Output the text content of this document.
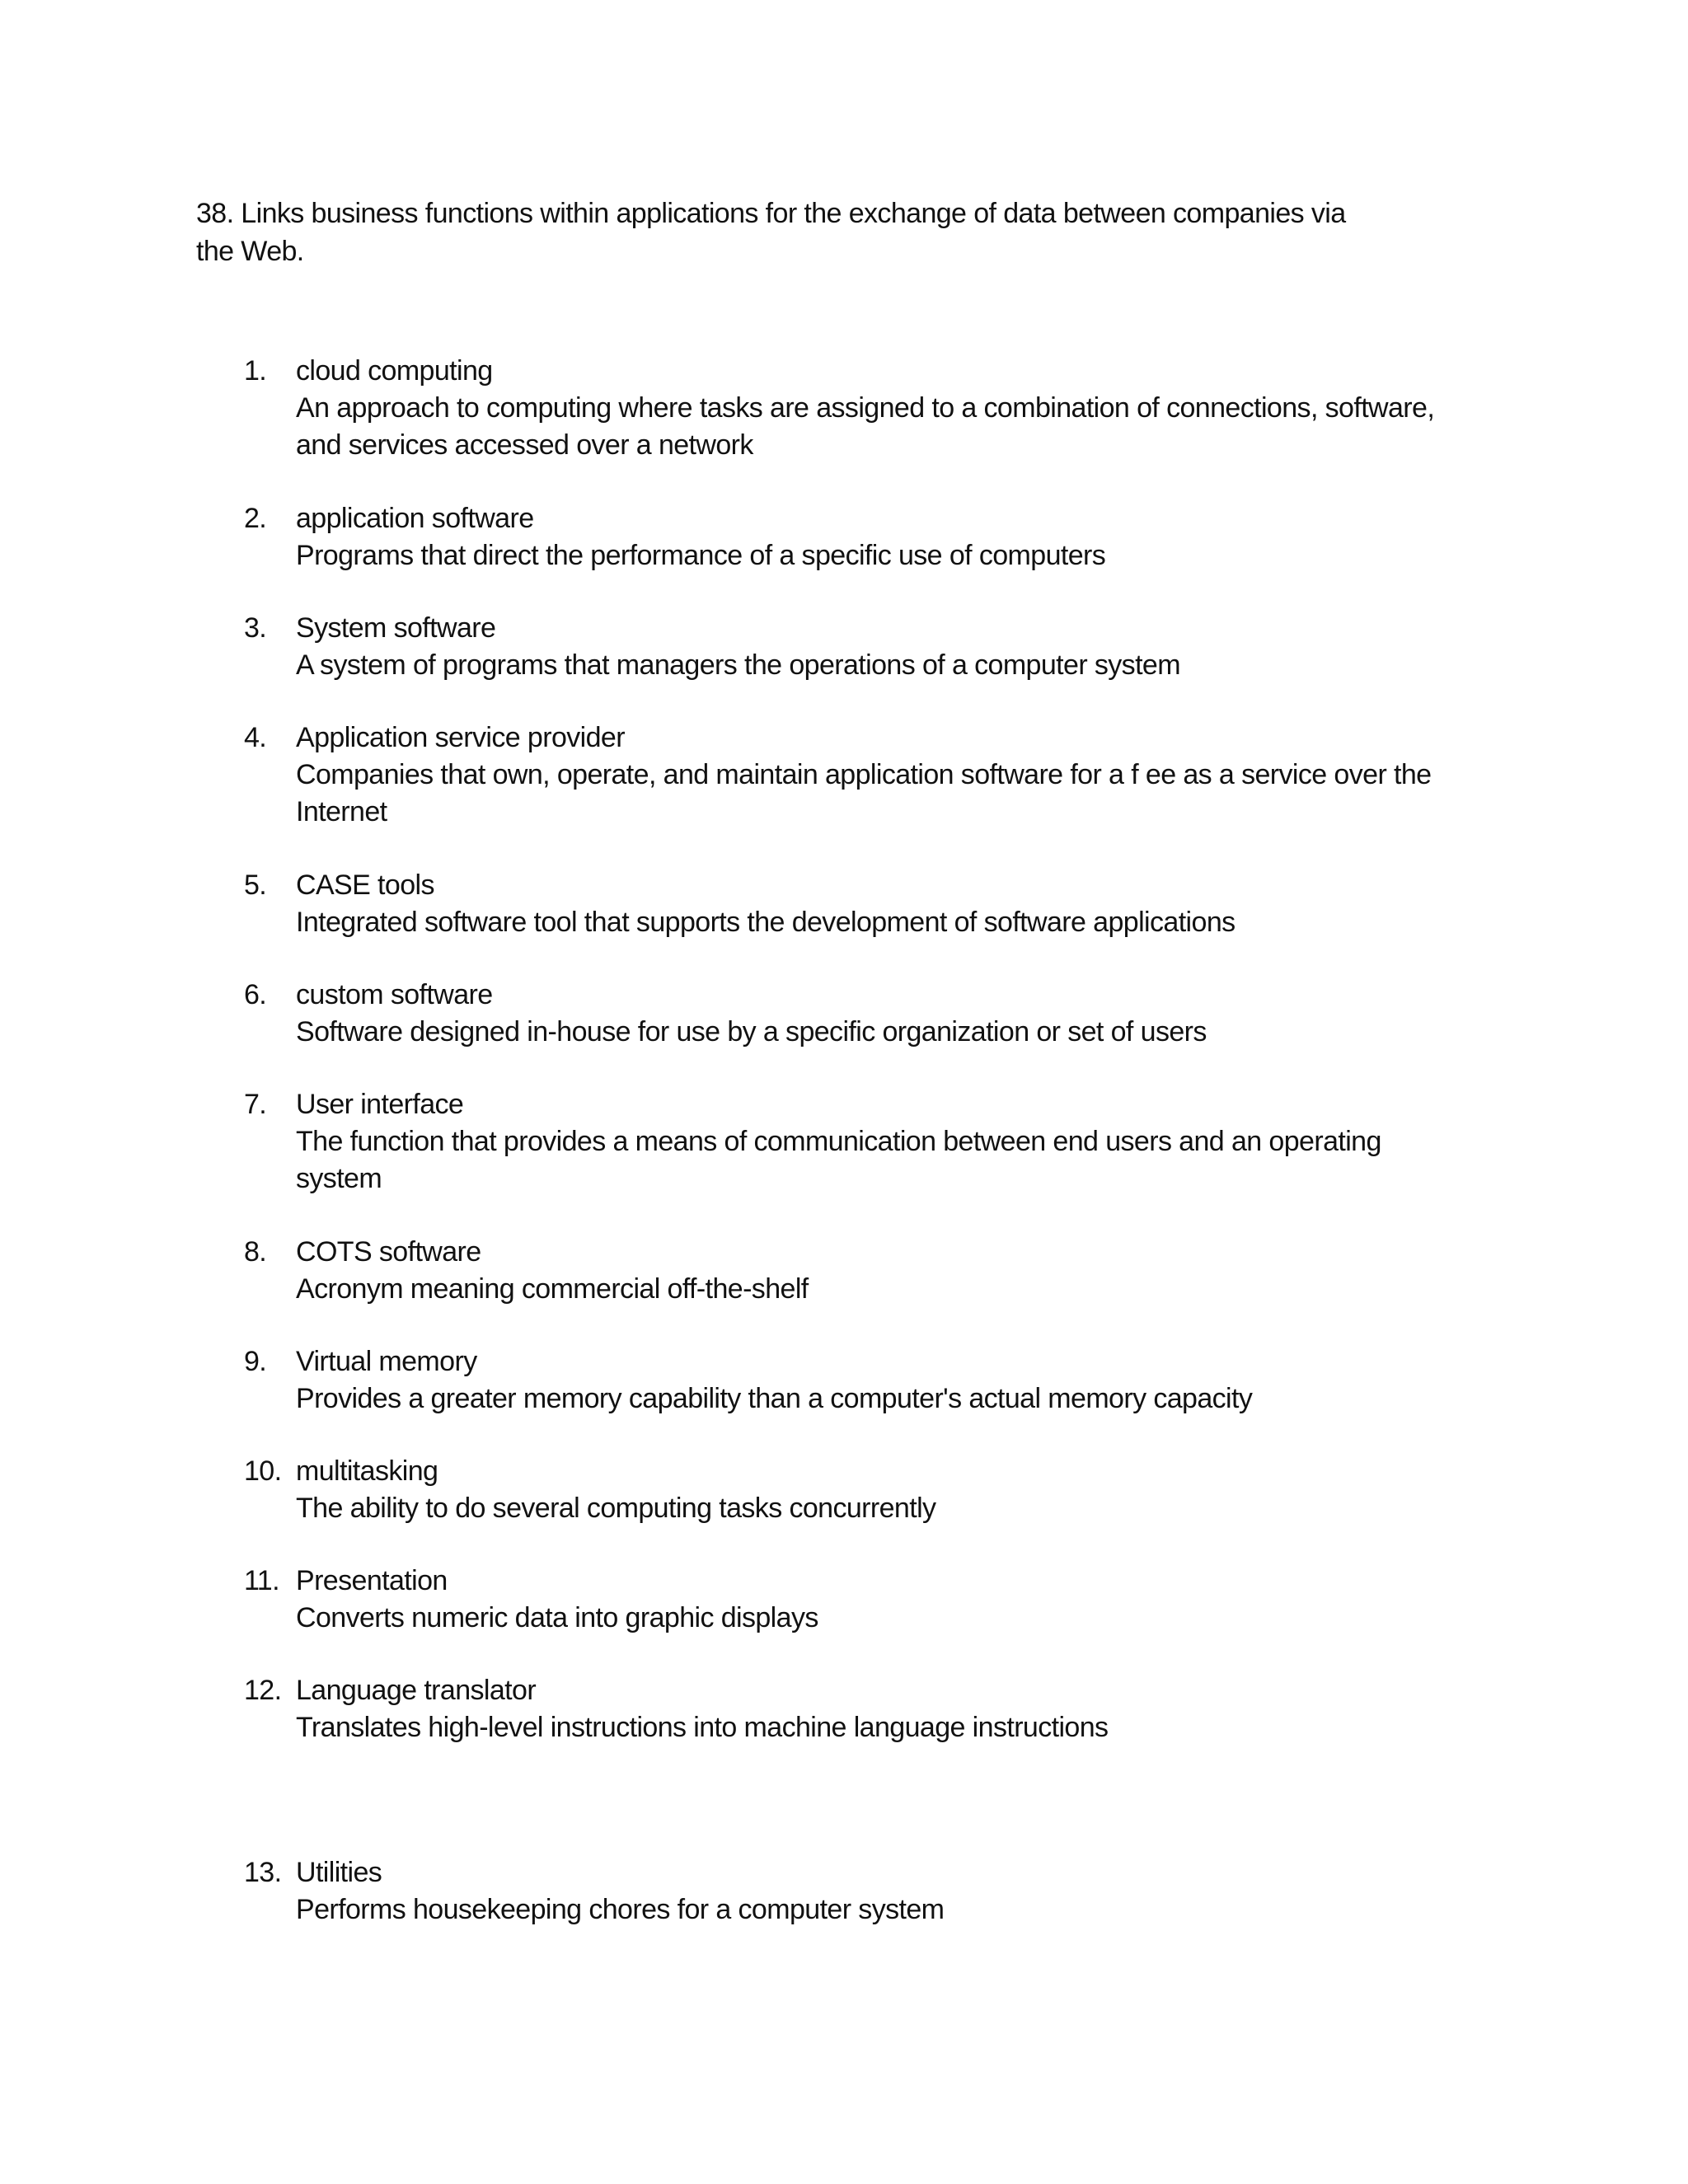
38. Links business functions within applications for the exchange of data between companies via
the Web.
1.	cloud computing
An approach to computing where tasks are assigned to a combination of connections, software,
and services accessed over a network
2.	application software
Programs that direct the performance of a specific use of computers
3.	System software
A system of programs that managers the operations of a computer system
4.	Application service provider
Companies that own, operate, and maintain application software for a f ee as a service over the
Internet
5.	CASE tools
Integrated software tool that supports the development of software applications
6.	custom software
Software designed in-house for use by a specific organization or set of users
7.	User interface
The function that provides a means of communication between end users and an operating
system
8.	COTS software
Acronym meaning commercial off-the-shelf
9.	Virtual memory
Provides a greater memory capability than a computer's actual memory capacity
10. multitasking
The ability to do several computing tasks concurrently
11. Presentation
Converts numeric data into graphic displays
12. Language translator
Translates high-level instructions into machine language instructions
13. Utilities
Performs housekeeping chores for a computer system
